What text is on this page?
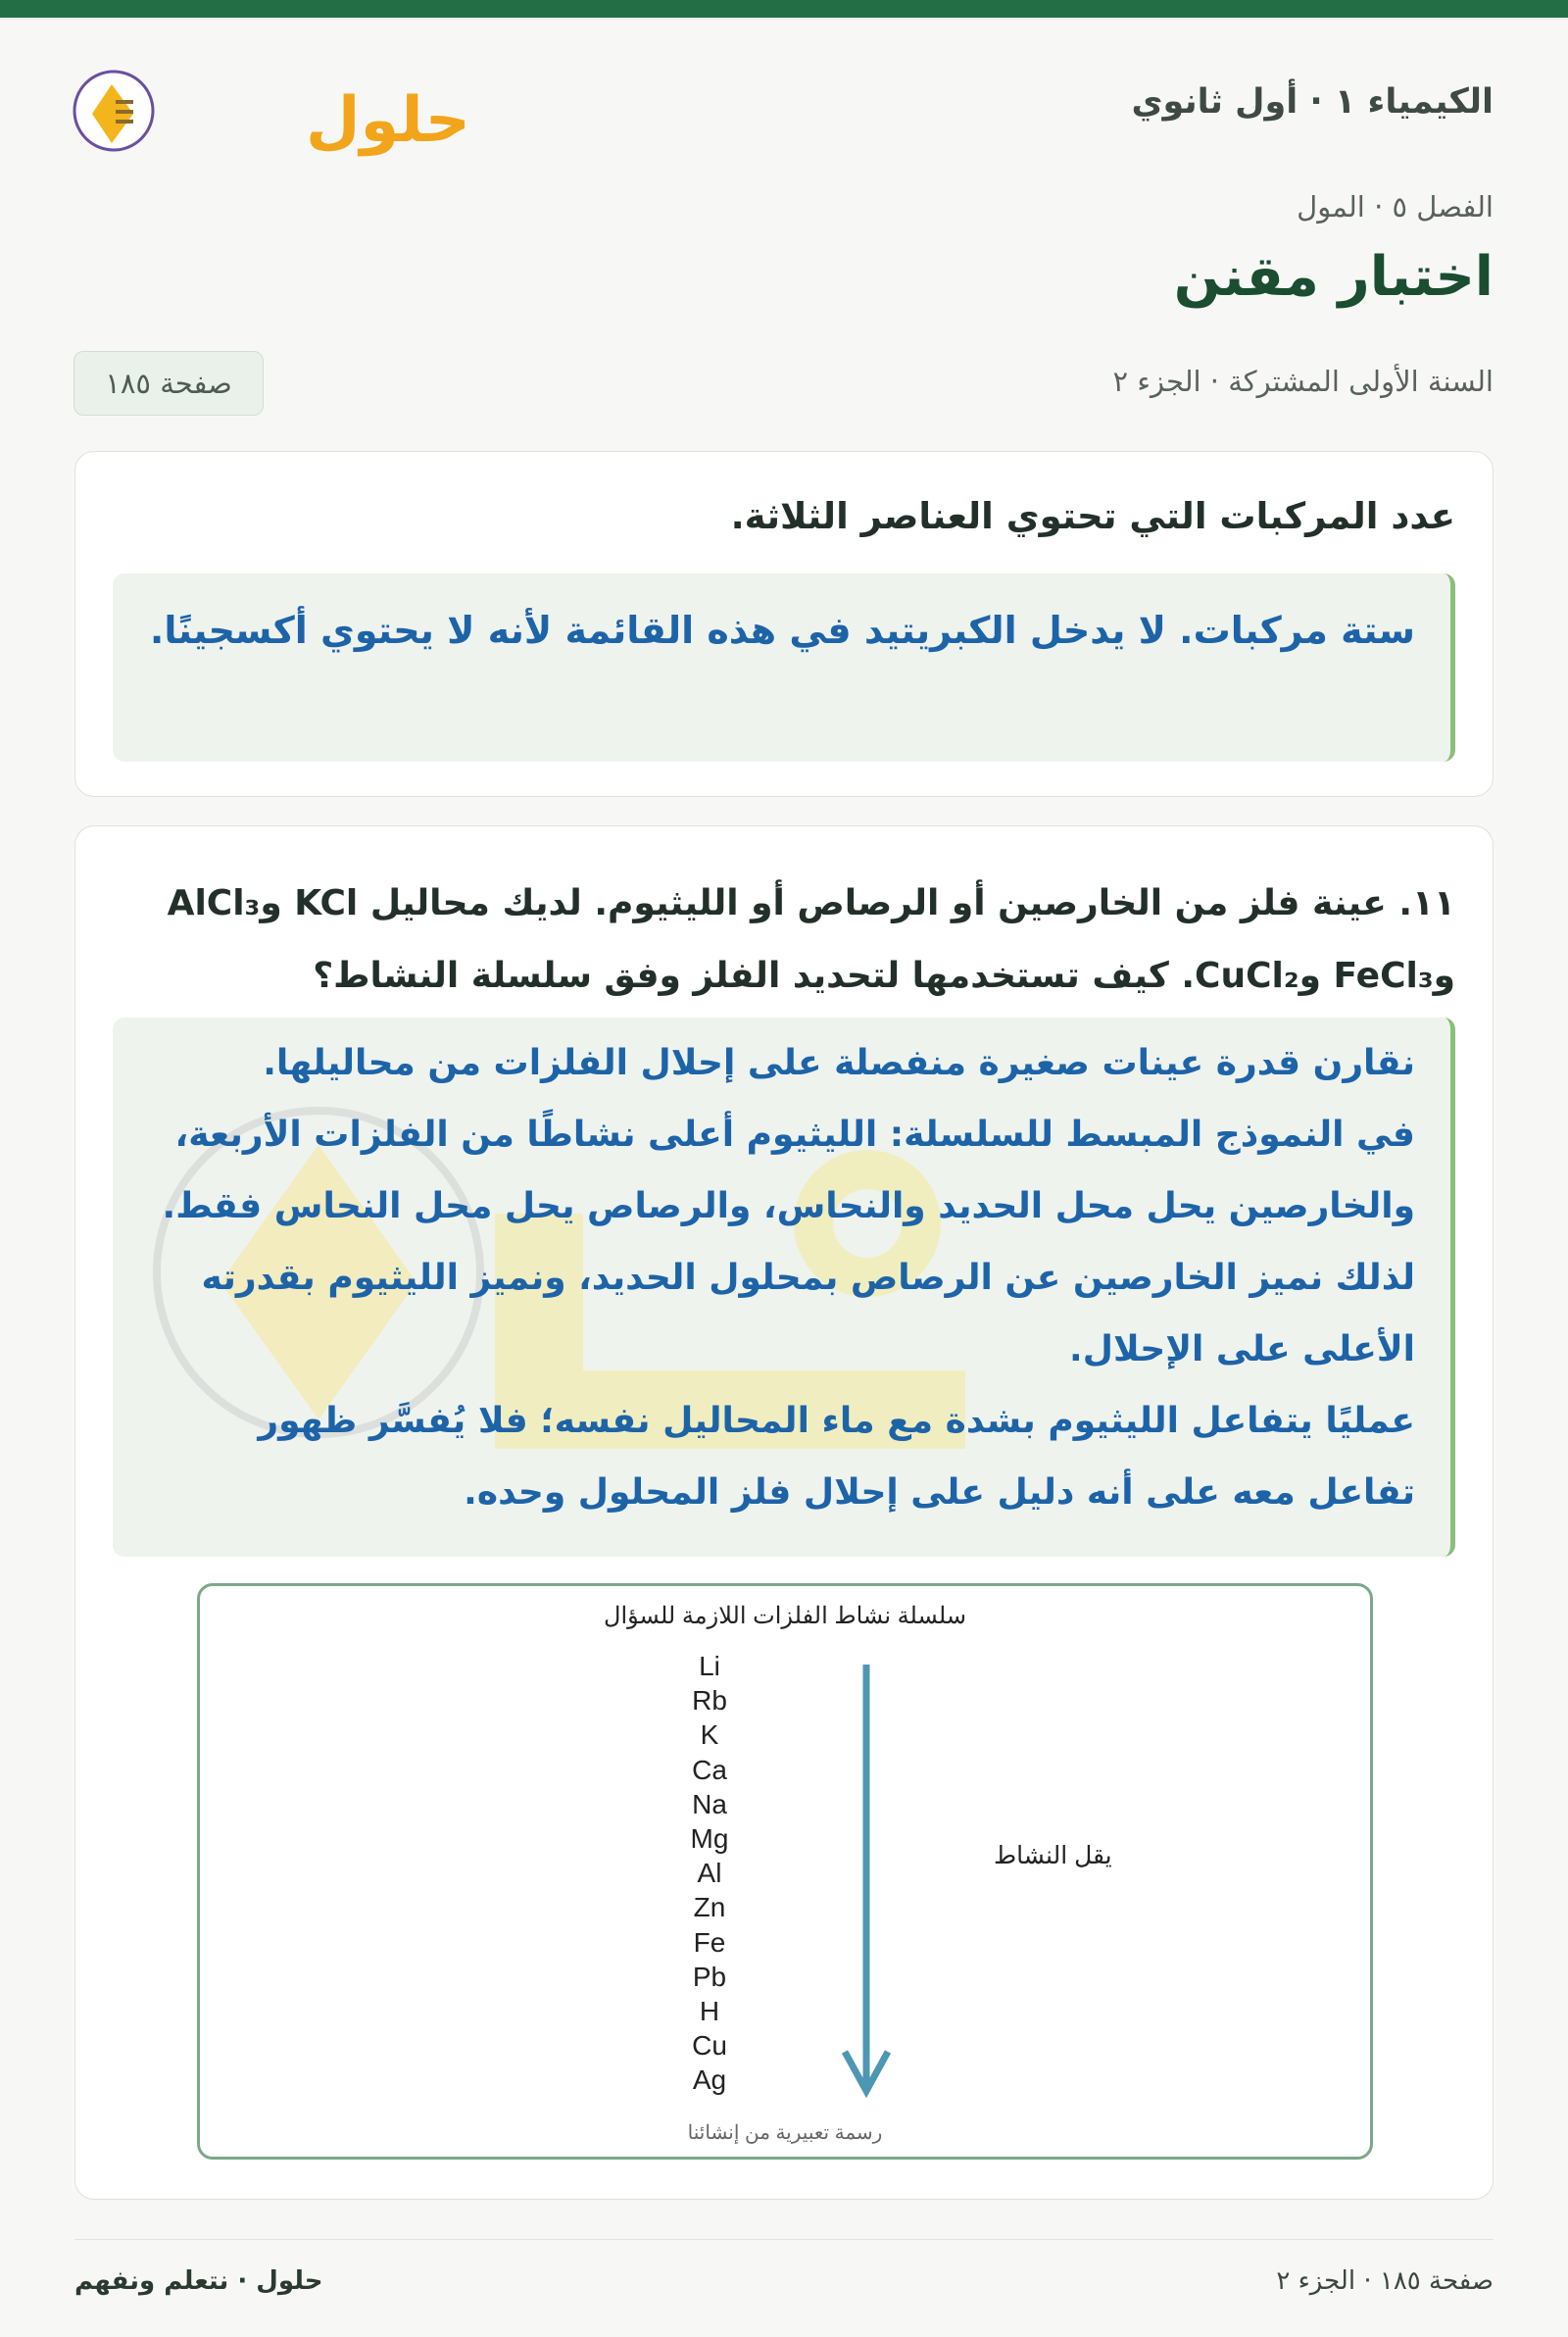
حلول	الكيمياء ١ · أول ثانوي
الفصل ٥ · المول
اختبار مقنن
السنة الأولى المشتركة · الجزء ٢
صفحة ١٨٥
عدد المركبات التي تحتوي العناصر الثلاثة.

ستة مركبات. لا يدخل الكبريتيد في هذه القائمة لأنه لا يحتوي أكسجينًا.

١١. عينة فلز من الخارصين أو الرصاص أو الليثيوم. لديك محاليل KCl وAlCl₃ وFeCl₃ وCuCl₂. كيف تستخدمها لتحديد الفلز وفق سلسلة النشاط؟

نقارن قدرة عينات صغيرة منفصلة على إحلال الفلزات من محاليلها.

في النموذج المبسط للسلسلة: الليثيوم أعلى نشاطًا من الفلزات الأربعة، والخارصين يحل محل الحديد والنحاس، والرصاص يحل محل النحاس فقط. لذلك نميز الخارصين عن الرصاص بمحلول الحديد، ونميز الليثيوم بقدرته الأعلى على الإحلال.

عمليًا يتفاعل الليثيوم بشدة مع ماء المحاليل نفسه؛ فلا يُفسَّر ظهور تفاعل معه على أنه دليل على إحلال فلز المحلول وحده.

سلسلة نشاط الفلزات اللازمة للسؤال
Li
Rb
K
Ca
Na
Mg
Al
Zn
Fe
Pb
H
Cu
Ag
يقل النشاط
رسمة تعبيرية من إنشائنا
صفحة ١٨٥ · الجزء ٢
حلول · نتعلم ونفهم
